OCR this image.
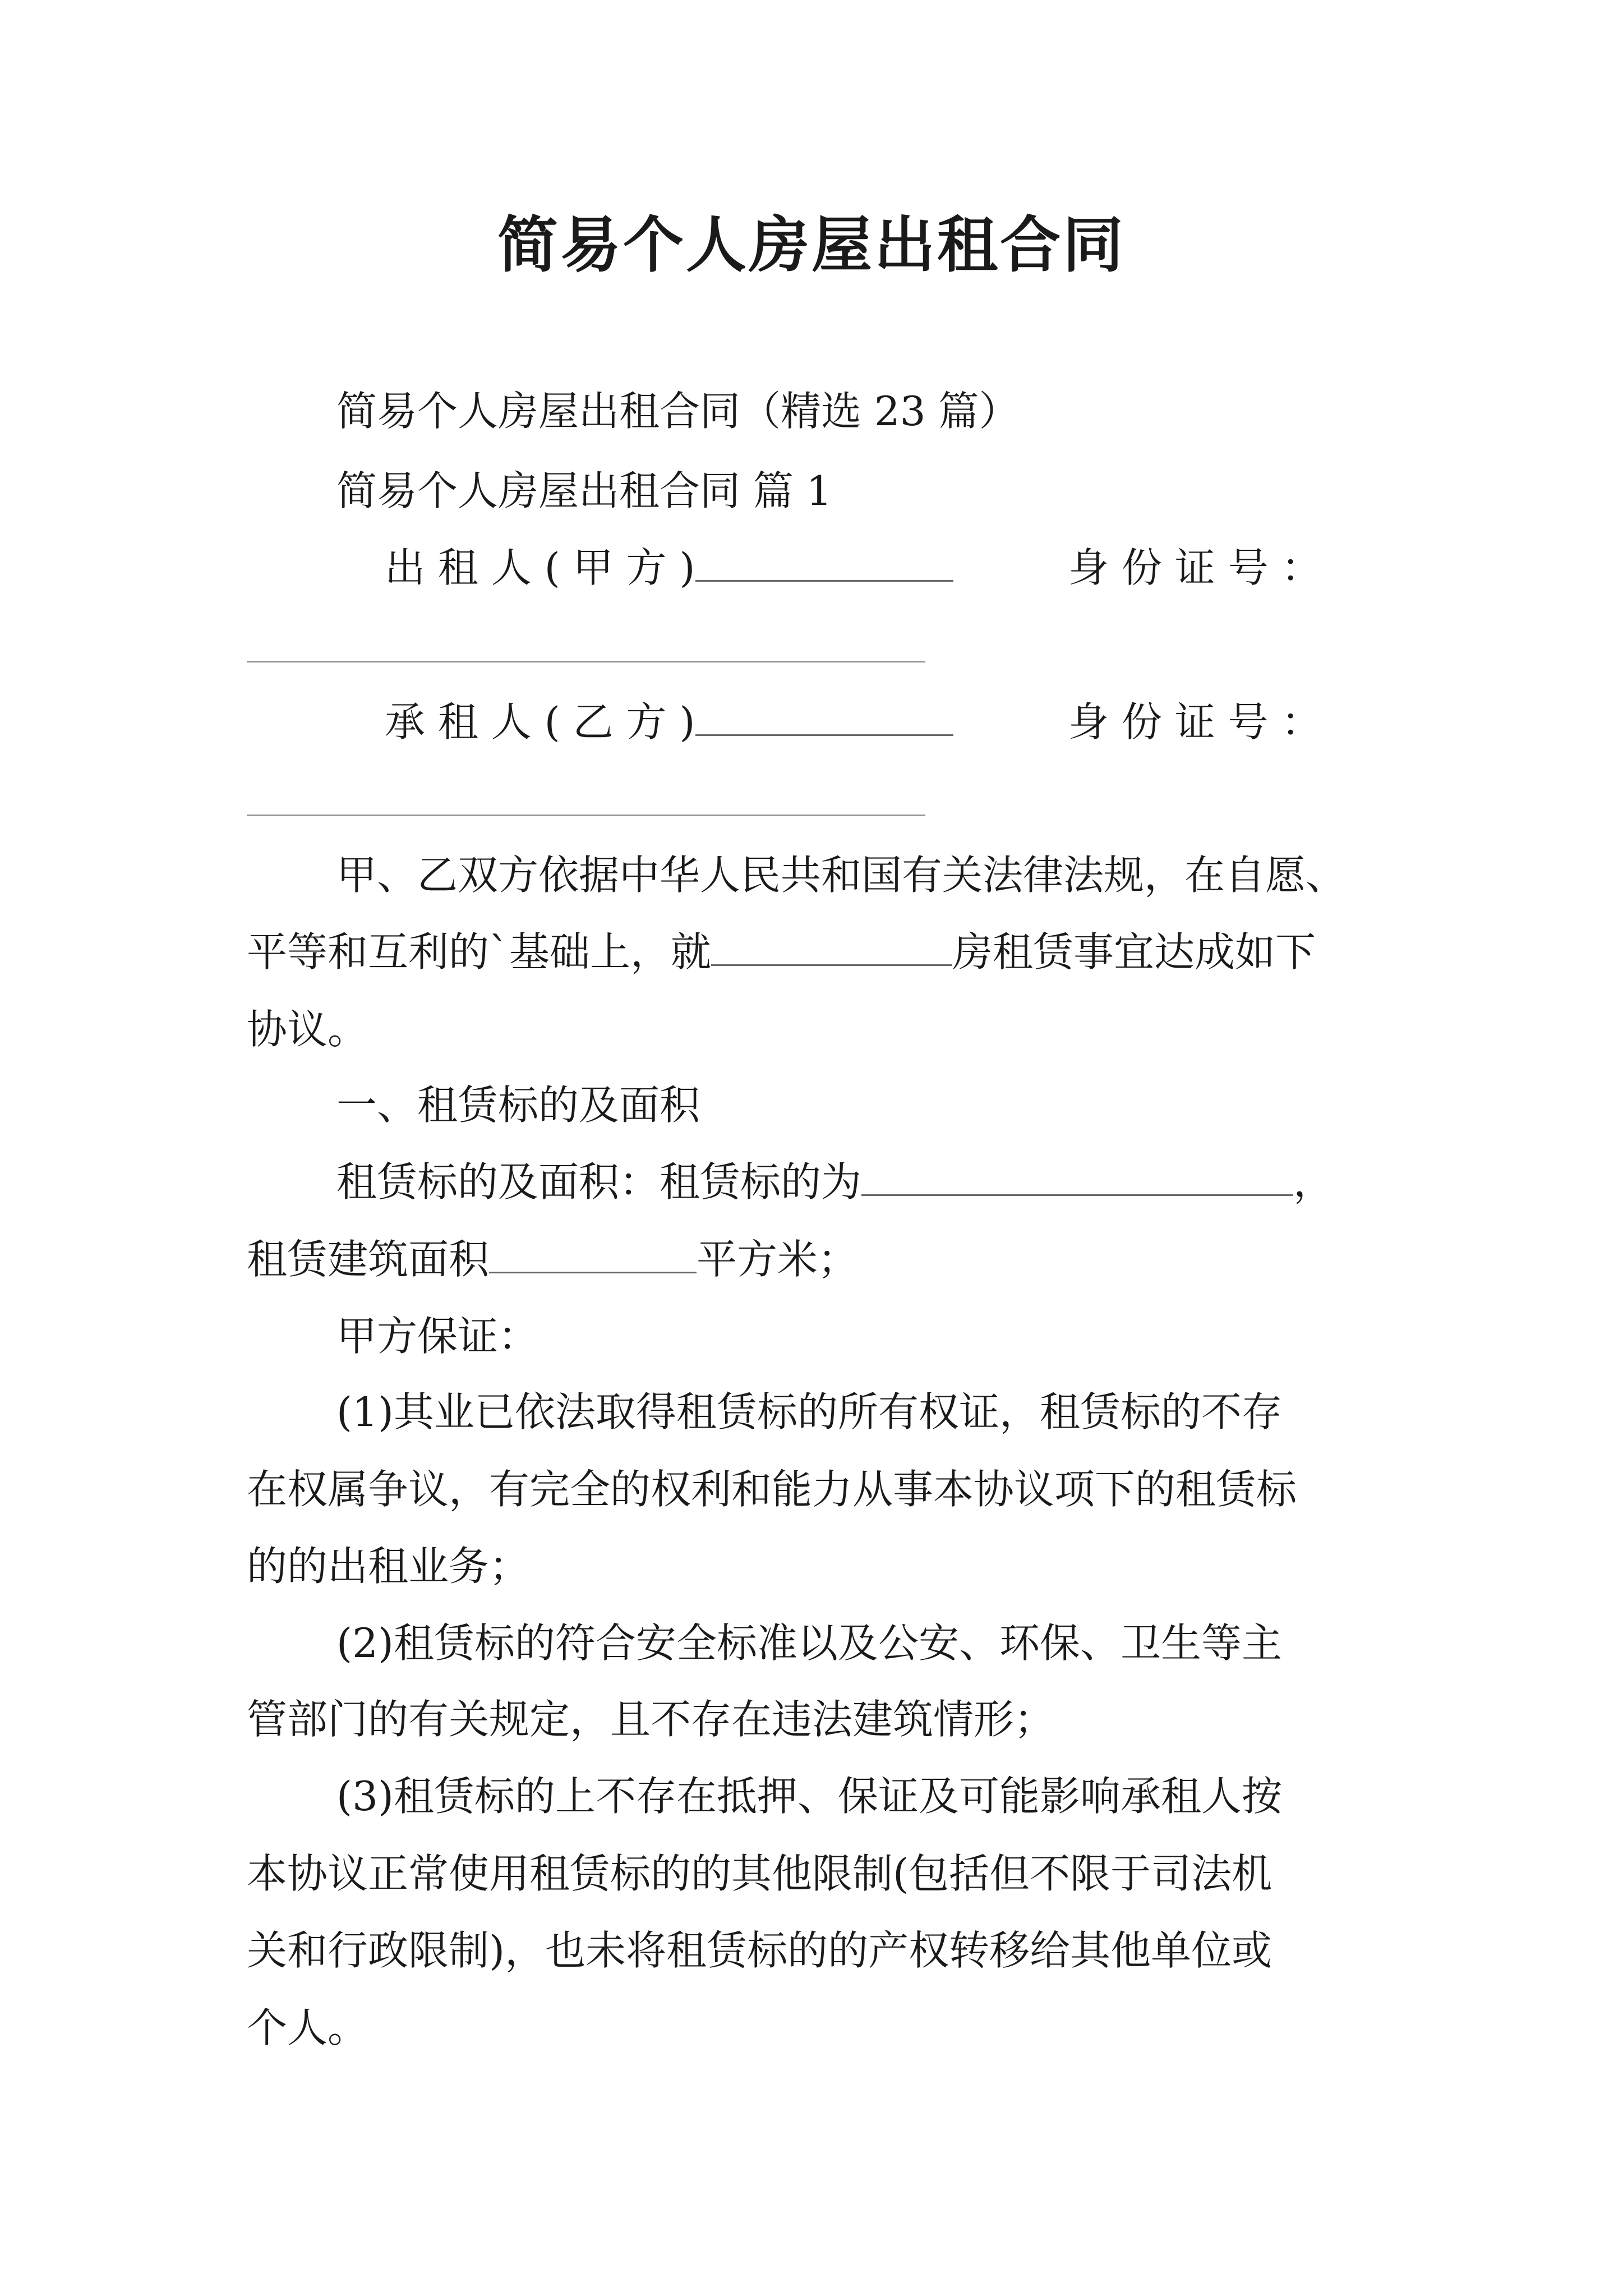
简易个人房屋出租合同
简易个人房屋出租合同（精选 23 篇）
简易个人房屋出租合同 篇 1
出 租 人 ( 甲 方 )	身 份 证 号 ：
承 租 人 ( 乙 方 )	身 份 证 号 ：
甲、乙双方依据中华人民共和国有关法律法规，在自愿、
平等和互利的`基础上，就	房租赁事宜达成如下
协议。
一、租赁标的及面积
租赁标的及面积：租赁标的为	，
租赁建筑面积	平方米；
甲方保证：
(1)其业已依法取得租赁标的所有权证，租赁标的不存
在权属争议，有完全的权利和能力从事本协议项下的租赁标
的的出租业务；
(2)租赁标的符合安全标准以及公安、环保、卫生等主
管部门的有关规定，且不存在违法建筑情形；
(3)租赁标的上不存在抵押、保证及可能影响承租人按
本协议正常使用租赁标的的其他限制(包括但不限于司法机
关和行政限制)，也未将租赁标的的产权转移给其他单位或
个人。
